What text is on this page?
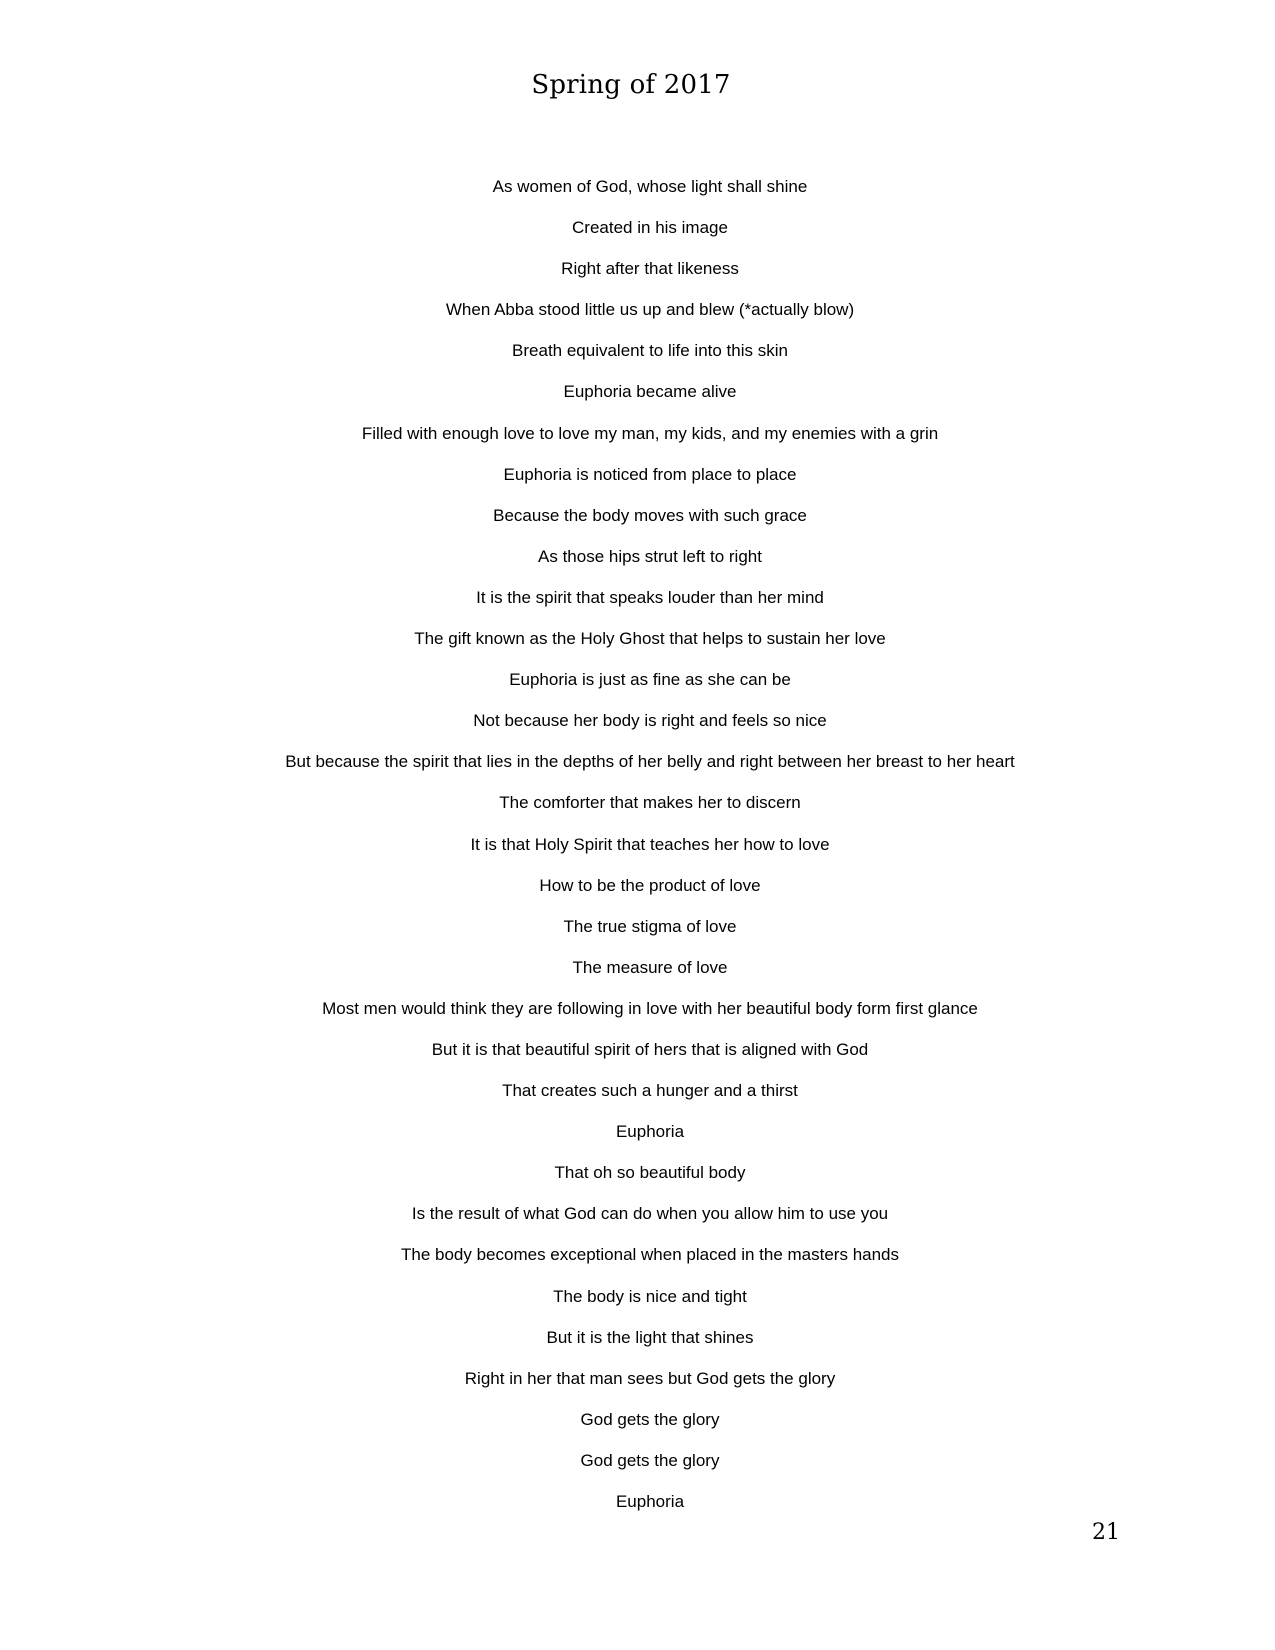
Spring of 2017
As women of God, whose light shall shine
Created in his image
Right after that likeness
When Abba stood little us up and blew (*actually blow)
Breath equivalent to life into this skin
Euphoria became alive
Filled with enough love to love my man, my kids, and my enemies with a grin
Euphoria is noticed from place to place
Because the body moves with such grace
As those hips strut left to right
It is the spirit that speaks louder than her mind
The gift known as the Holy Ghost that helps to sustain her love
Euphoria is just as fine as she can be
Not because her body is right and feels so nice
But because the spirit that lies in the depths of her belly and right between her breast to her heart
The comforter that makes her to discern
It is that Holy Spirit that teaches her how to love
How to be the product of love
The true stigma of love
The measure of love
Most men would think they are following in love with her beautiful body form first glance
But it is that beautiful spirit of hers that is aligned with God
That creates such a hunger and a thirst
Euphoria
That oh so beautiful body
Is the result of what God can do when you allow him to use you
The body becomes exceptional when placed in the masters hands
The body is nice and tight
But it is the light that shines
Right in her that man sees but God gets the glory
God gets the glory
God gets the glory
Euphoria
21
